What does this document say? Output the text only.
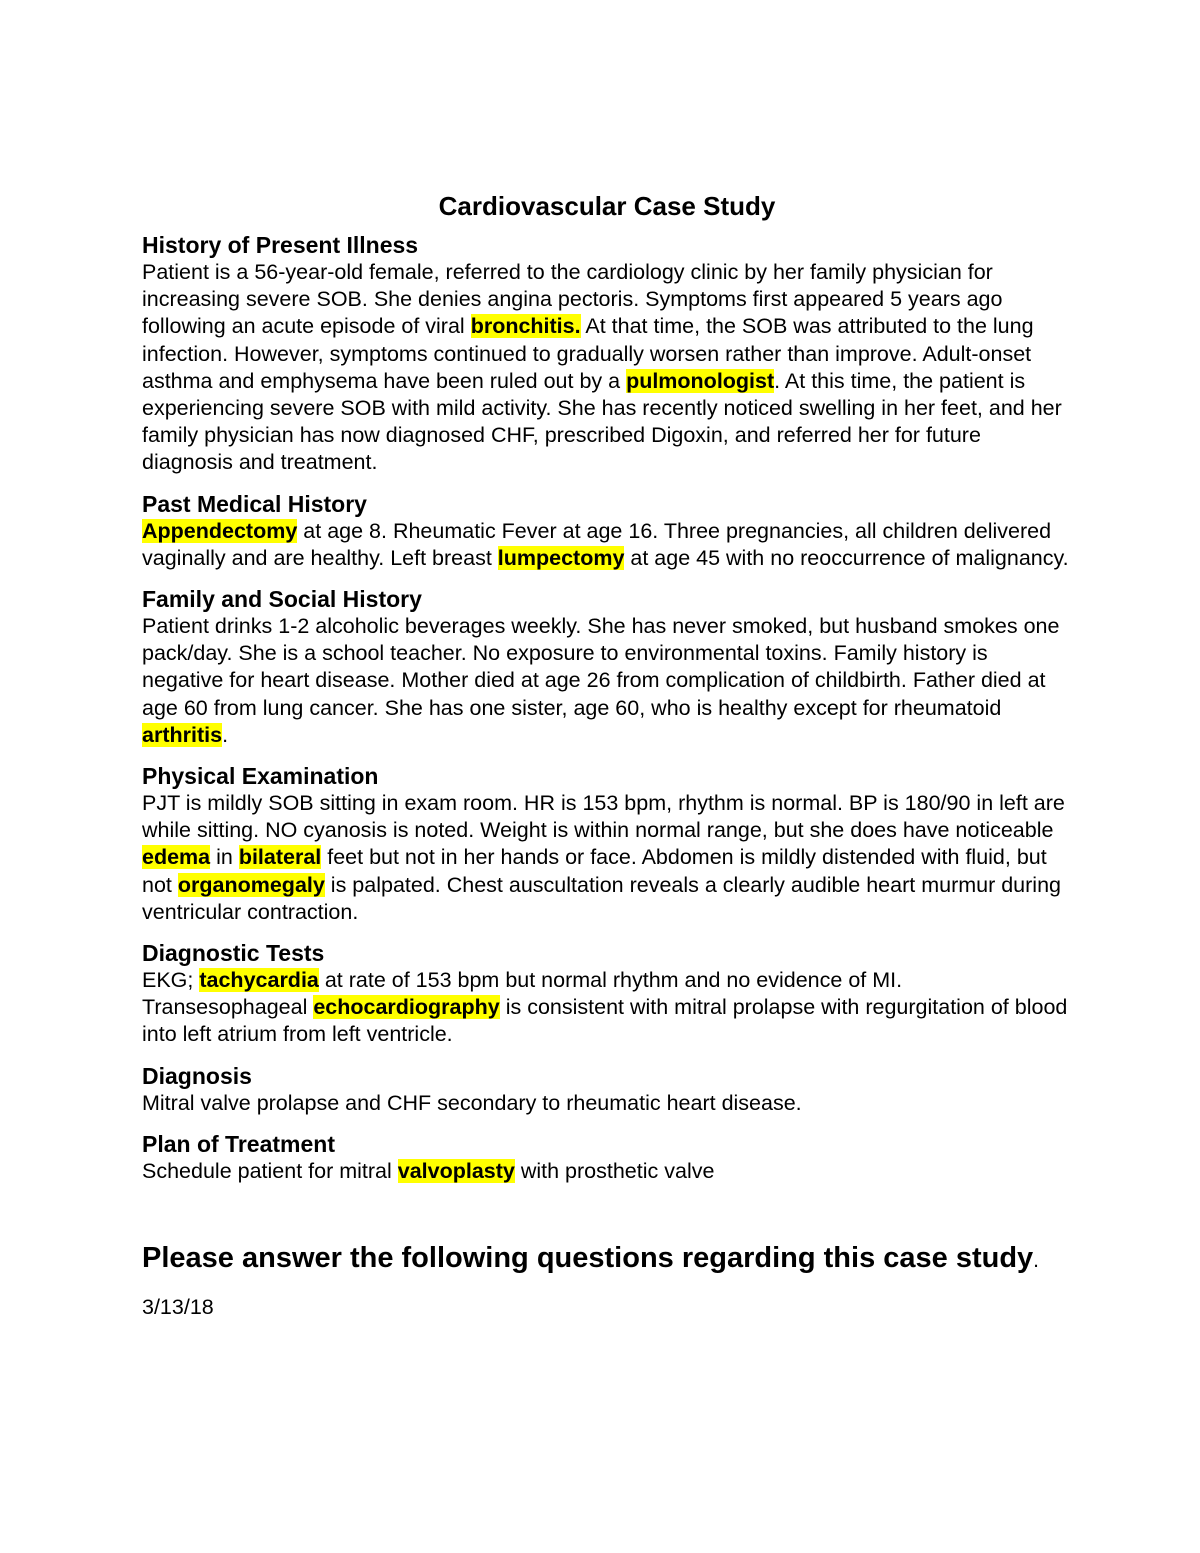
Cardiovascular Case Study
History of Present Illness

Patient is a 56-year-old female, referred to the cardiology clinic by her family physician for increasing severe SOB. She denies angina pectoris. Symptoms first appeared 5 years ago following an acute episode of viral bronchitis. At that time, the SOB was attributed to the lung infection. However, symptoms continued to gradually worsen rather than improve. Adult-onset asthma and emphysema have been ruled out by a pulmonologist. At this time, the patient is experiencing severe SOB with mild activity. She has recently noticed swelling in her feet, and her family physician has now diagnosed CHF, prescribed Digoxin, and referred her for future diagnosis and treatment.

Past Medical History

Appendectomy at age 8. Rheumatic Fever at age 16. Three pregnancies, all children delivered vaginally and are healthy. Left breast lumpectomy at age 45 with no reoccurrence of malignancy.

Family and Social History

Patient drinks 1-2 alcoholic beverages weekly. She has never smoked, but husband smokes one pack/day. She is a school teacher. No exposure to environmental toxins. Family history is negative for heart disease. Mother died at age 26 from complication of childbirth. Father died at age 60 from lung cancer. She has one sister, age 60, who is healthy except for rheumatoid arthritis.

Physical Examination

PJT is mildly SOB sitting in exam room. HR is 153 bpm, rhythm is normal. BP is 180/90 in left are while sitting. NO cyanosis is noted. Weight is within normal range, but she does have noticeable edema in bilateral feet but not in her hands or face. Abdomen is mildly distended with fluid, but not organomegaly is palpated. Chest auscultation reveals a clearly audible heart murmur during ventricular contraction.

Diagnostic Tests

EKG; tachycardia at rate of 153 bpm but normal rhythm and no evidence of MI. Transesophageal echocardiography is consistent with mitral prolapse with regurgitation of blood into left atrium from left ventricle.

Diagnosis

Mitral valve prolapse and CHF secondary to rheumatic heart disease.

Plan of Treatment

Schedule patient for mitral valvoplasty with prosthetic valve

Please answer the following questions regarding this case study.

3/13/18
